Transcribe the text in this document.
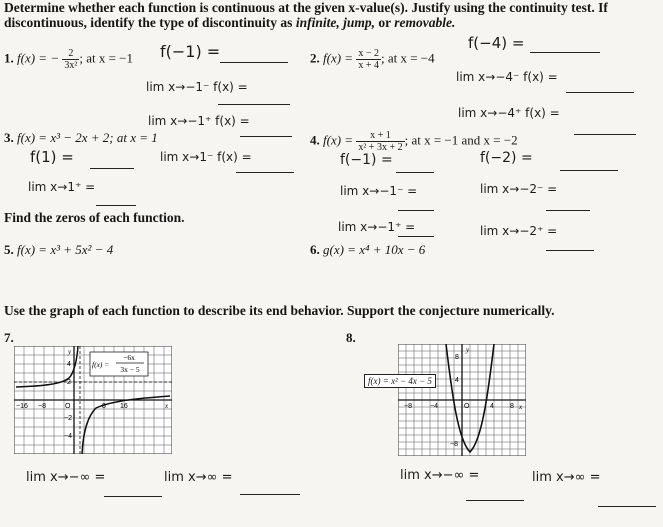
Determine whether each function is continuous at the given x-value(s). Justify using the continuity test. If
discontinuous, identify the type of discontinuity as infinite, jump, or removable.
1. f(x) = − $\frac{2}{\text{3x²}}$ ; at x = −1 f(−1) =
lim x→−1⁻ f(x) =
lim x→−1⁺ f(x) =
2. $f(x) = \frac{x - 2}{x + 4}$ ; at x = −4
f(−4) =
lim x→−4⁻ f(x) =
lim x→−4⁺ f(x) =
3. f(x) = x³ − 2x + 2; at x = 1
f(1) =	lim x→1⁻ f(x) =
lim x→1⁺ =
4. $f(x) = \frac{x + 1}{\text{x² + 3x + 2}}$ ; at x = −1 and x = −2
f(−1) =	f(−2) =
lim x→−1⁻ =	lim x→−2⁻ =
lim x→−1⁺ =	lim x→−2⁺ =
Find the zeros of each function.
5. f(x) = x³ + 5x² − 4	6. g(x) = x⁴ + 10x − 6
Use the graph of each function to describe its end behavior. Support the conjecture numerically.
7.	8.
f(x) =
−6x
3x − 5
y
x
−16 −8	O	8 16
4
2
−2
−4
y
x
−8	−4	O	4 8
8
4
−8
f(x) = x² − 4x − 5
lim x→−∞ =	lim x→∞ =	lim x→−∞ =	lim x→∞ =
